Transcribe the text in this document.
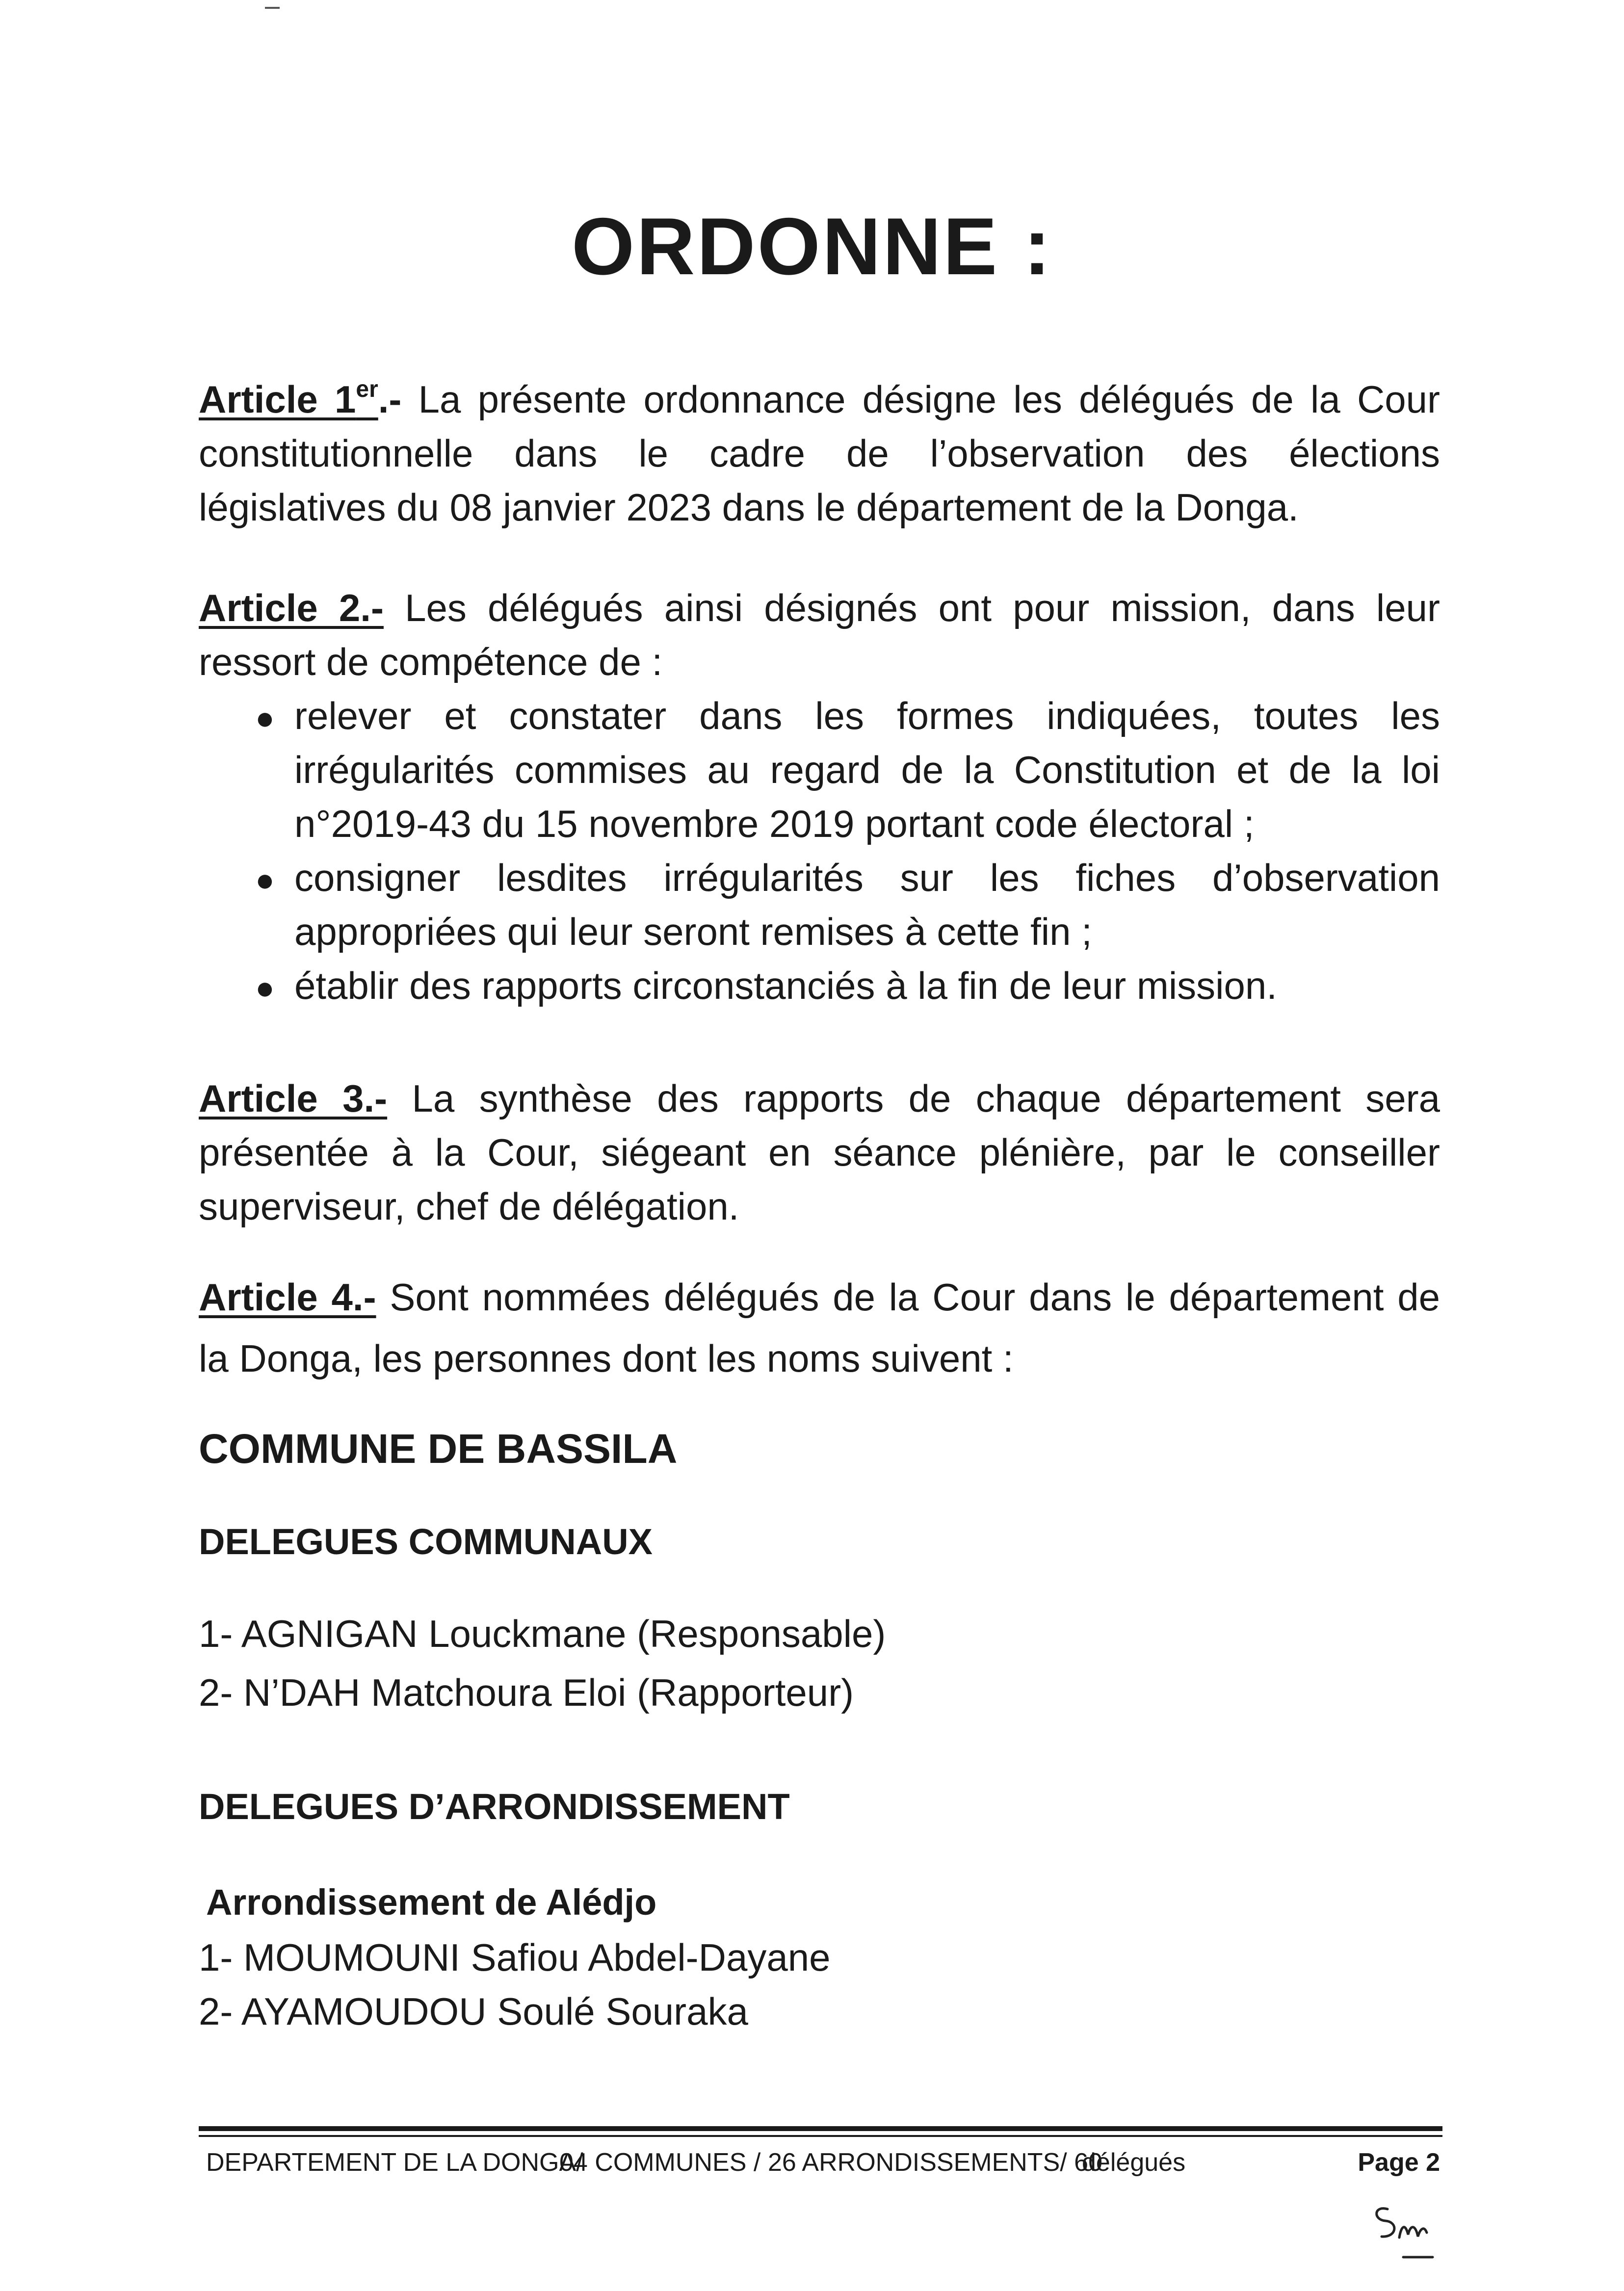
ORDONNE :
Article 1er.- La présente ordonnance désigne les délégués de la Cour
constitutionnelle dans le cadre de l’observation des élections
législatives du 08 janvier 2023 dans le département de la Donga.
Article 2.- Les délégués ainsi désignés ont pour mission, dans leur
ressort de compétence de :
● relever et constater dans les formes indiquées, toutes les
irrégularités commises au regard de la Constitution et de la loi
n°2019-43 du 15 novembre 2019 portant code électoral ;
● consigner lesdites irrégularités sur les fiches d’observation
appropriées qui leur seront remises à cette fin ;
● établir des rapports circonstanciés à la fin de leur mission.
Article 3.- La synthèse des rapports de chaque département sera
présentée à la Cour, siégeant en séance plénière, par le conseiller
superviseur, chef de délégation.
Article 4.- Sont nommées délégués de la Cour dans le département de
la Donga, les personnes dont les noms suivent :
COMMUNE DE BASSILA
DELEGUES COMMUNAUX
1- AGNIGAN Louckmane (Responsable)
2- N’DAH Matchoura Eloi (Rapporteur)
DELEGUES D’ARRONDISSEMENT
Arrondissement de Alédjo
1- MOUMOUNI Safiou Abdel-Dayane
2- AYAMOUDOU Soulé Souraka
DEPARTEMENT DE LA DONGA/
04 COMMUNES / 26 ARRONDISSEMENTS/ 60
délégués	Page 2
